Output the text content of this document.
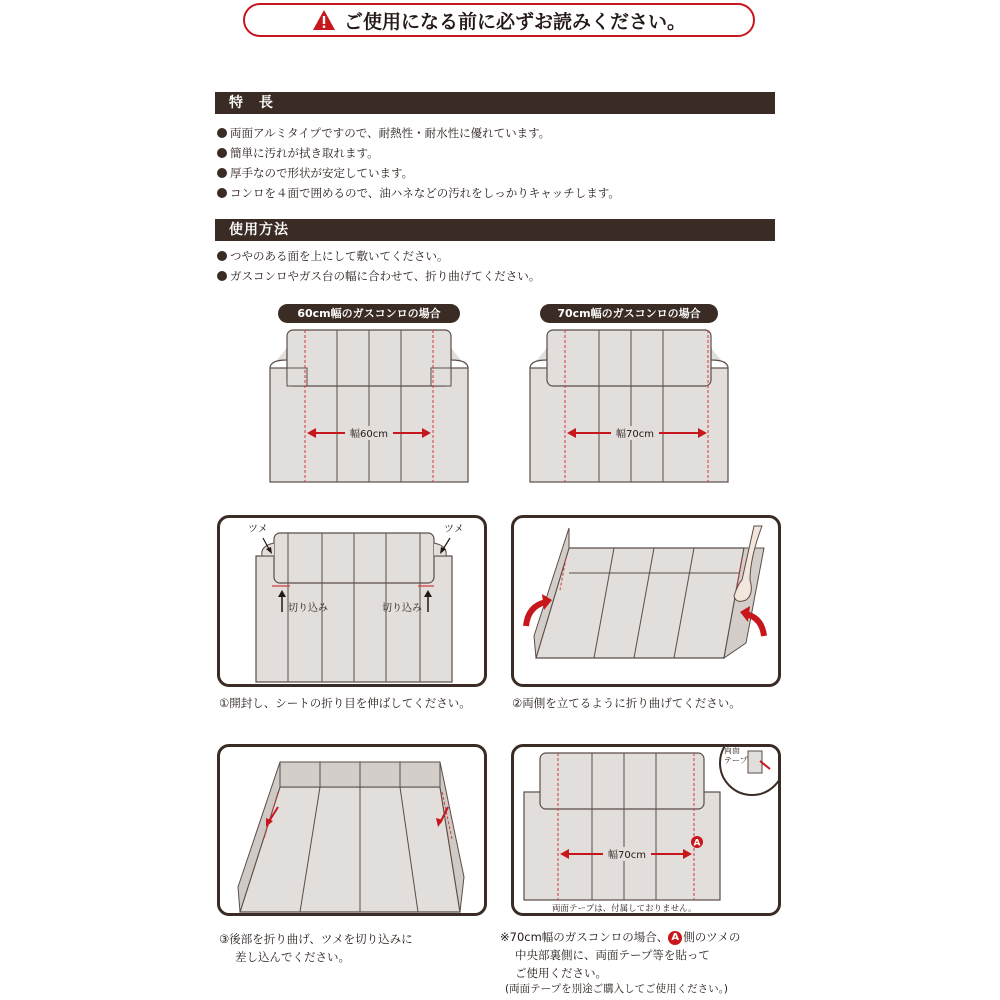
ご使用になる前に必ずお読みください。
特　長
両面アルミタイプですので、耐熱性・耐水性に優れています。
簡単に汚れが拭き取れます。
厚手なので形状が安定しています。
コンロを４面で囲めるので、油ハネなどの汚れをしっかりキャッチします。
使用方法
つやのある面を上にして敷いてください。
ガスコンロやガス台の幅に合わせて、折り曲げてください。
60cm幅のガスコンロの場合
幅60cm
70cm幅のガスコンロの場合
幅70cm
ツメ	ツメ
切り込み	切り込み
①開封し、シートの折り目を伸ばしてください。	②両側を立てるように折り曲げてください。
③後部を折り曲げ、ツメを切り込みに
差し込んでください。
幅70cm
A
両面
テープ
両面テープは、付属しておりません。
※70cm幅のガスコンロの場合、 A 側のツメの
中央部裏側に、両面テープ等を貼って
ご使用ください。
(両面テープを別途ご購入してご使用ください。)
